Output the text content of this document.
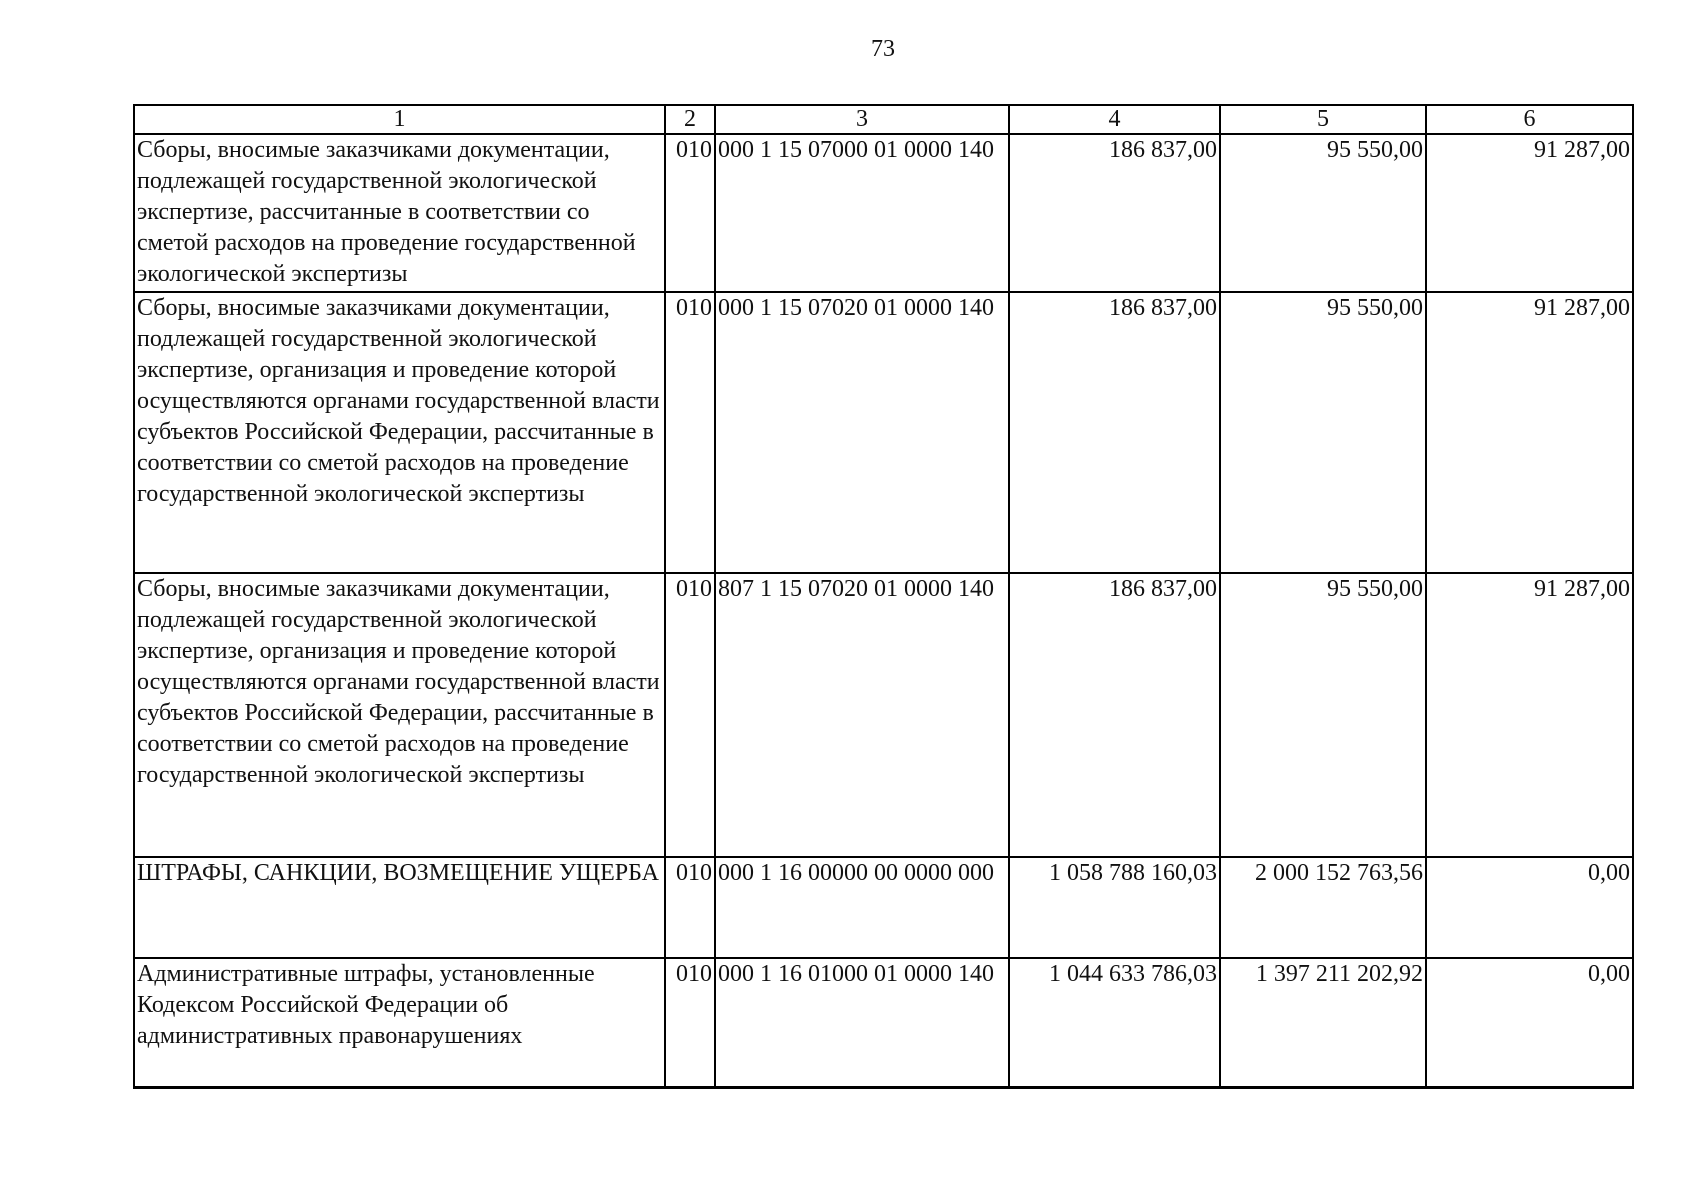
73
1	2	3	4	5	6
Сборы, вносимые заказчиками документации, подлежащей государственной экологической экспертизе, рассчитанные в соответствии со сметой расходов на проведение государственной экологической экспертизы	010	000 1 15 07000 01 0000 140	186 837,00	95 550,00	91 287,00
Сборы, вносимые заказчиками документации, подлежащей государственной экологической экспертизе, организация и проведение которой осуществляются органами государственной власти субъектов Российской Федерации, рассчитанные в соответствии со сметой расходов на проведение государственной экологической экспертизы	010	000 1 15 07020 01 0000 140	186 837,00	95 550,00	91 287,00
Сборы, вносимые заказчиками документации, подлежащей государственной экологической экспертизе, организация и проведение которой осуществляются органами государственной власти субъектов Российской Федерации, рассчитанные в соответствии со сметой расходов на проведение государственной экологической экспертизы	010	807 1 15 07020 01 0000 140	186 837,00	95 550,00	91 287,00
ШТРАФЫ, САНКЦИИ, ВОЗМЕЩЕНИЕ УЩЕРБА	010	000 1 16 00000 00 0000 000	1 058 788 160,03	2 000 152 763,56	0,00
Административные штрафы, установленные Кодексом Российской Федерации об административных правонарушениях	010	000 1 16 01000 01 0000 140	1 044 633 786,03	1 397 211 202,92	0,00
